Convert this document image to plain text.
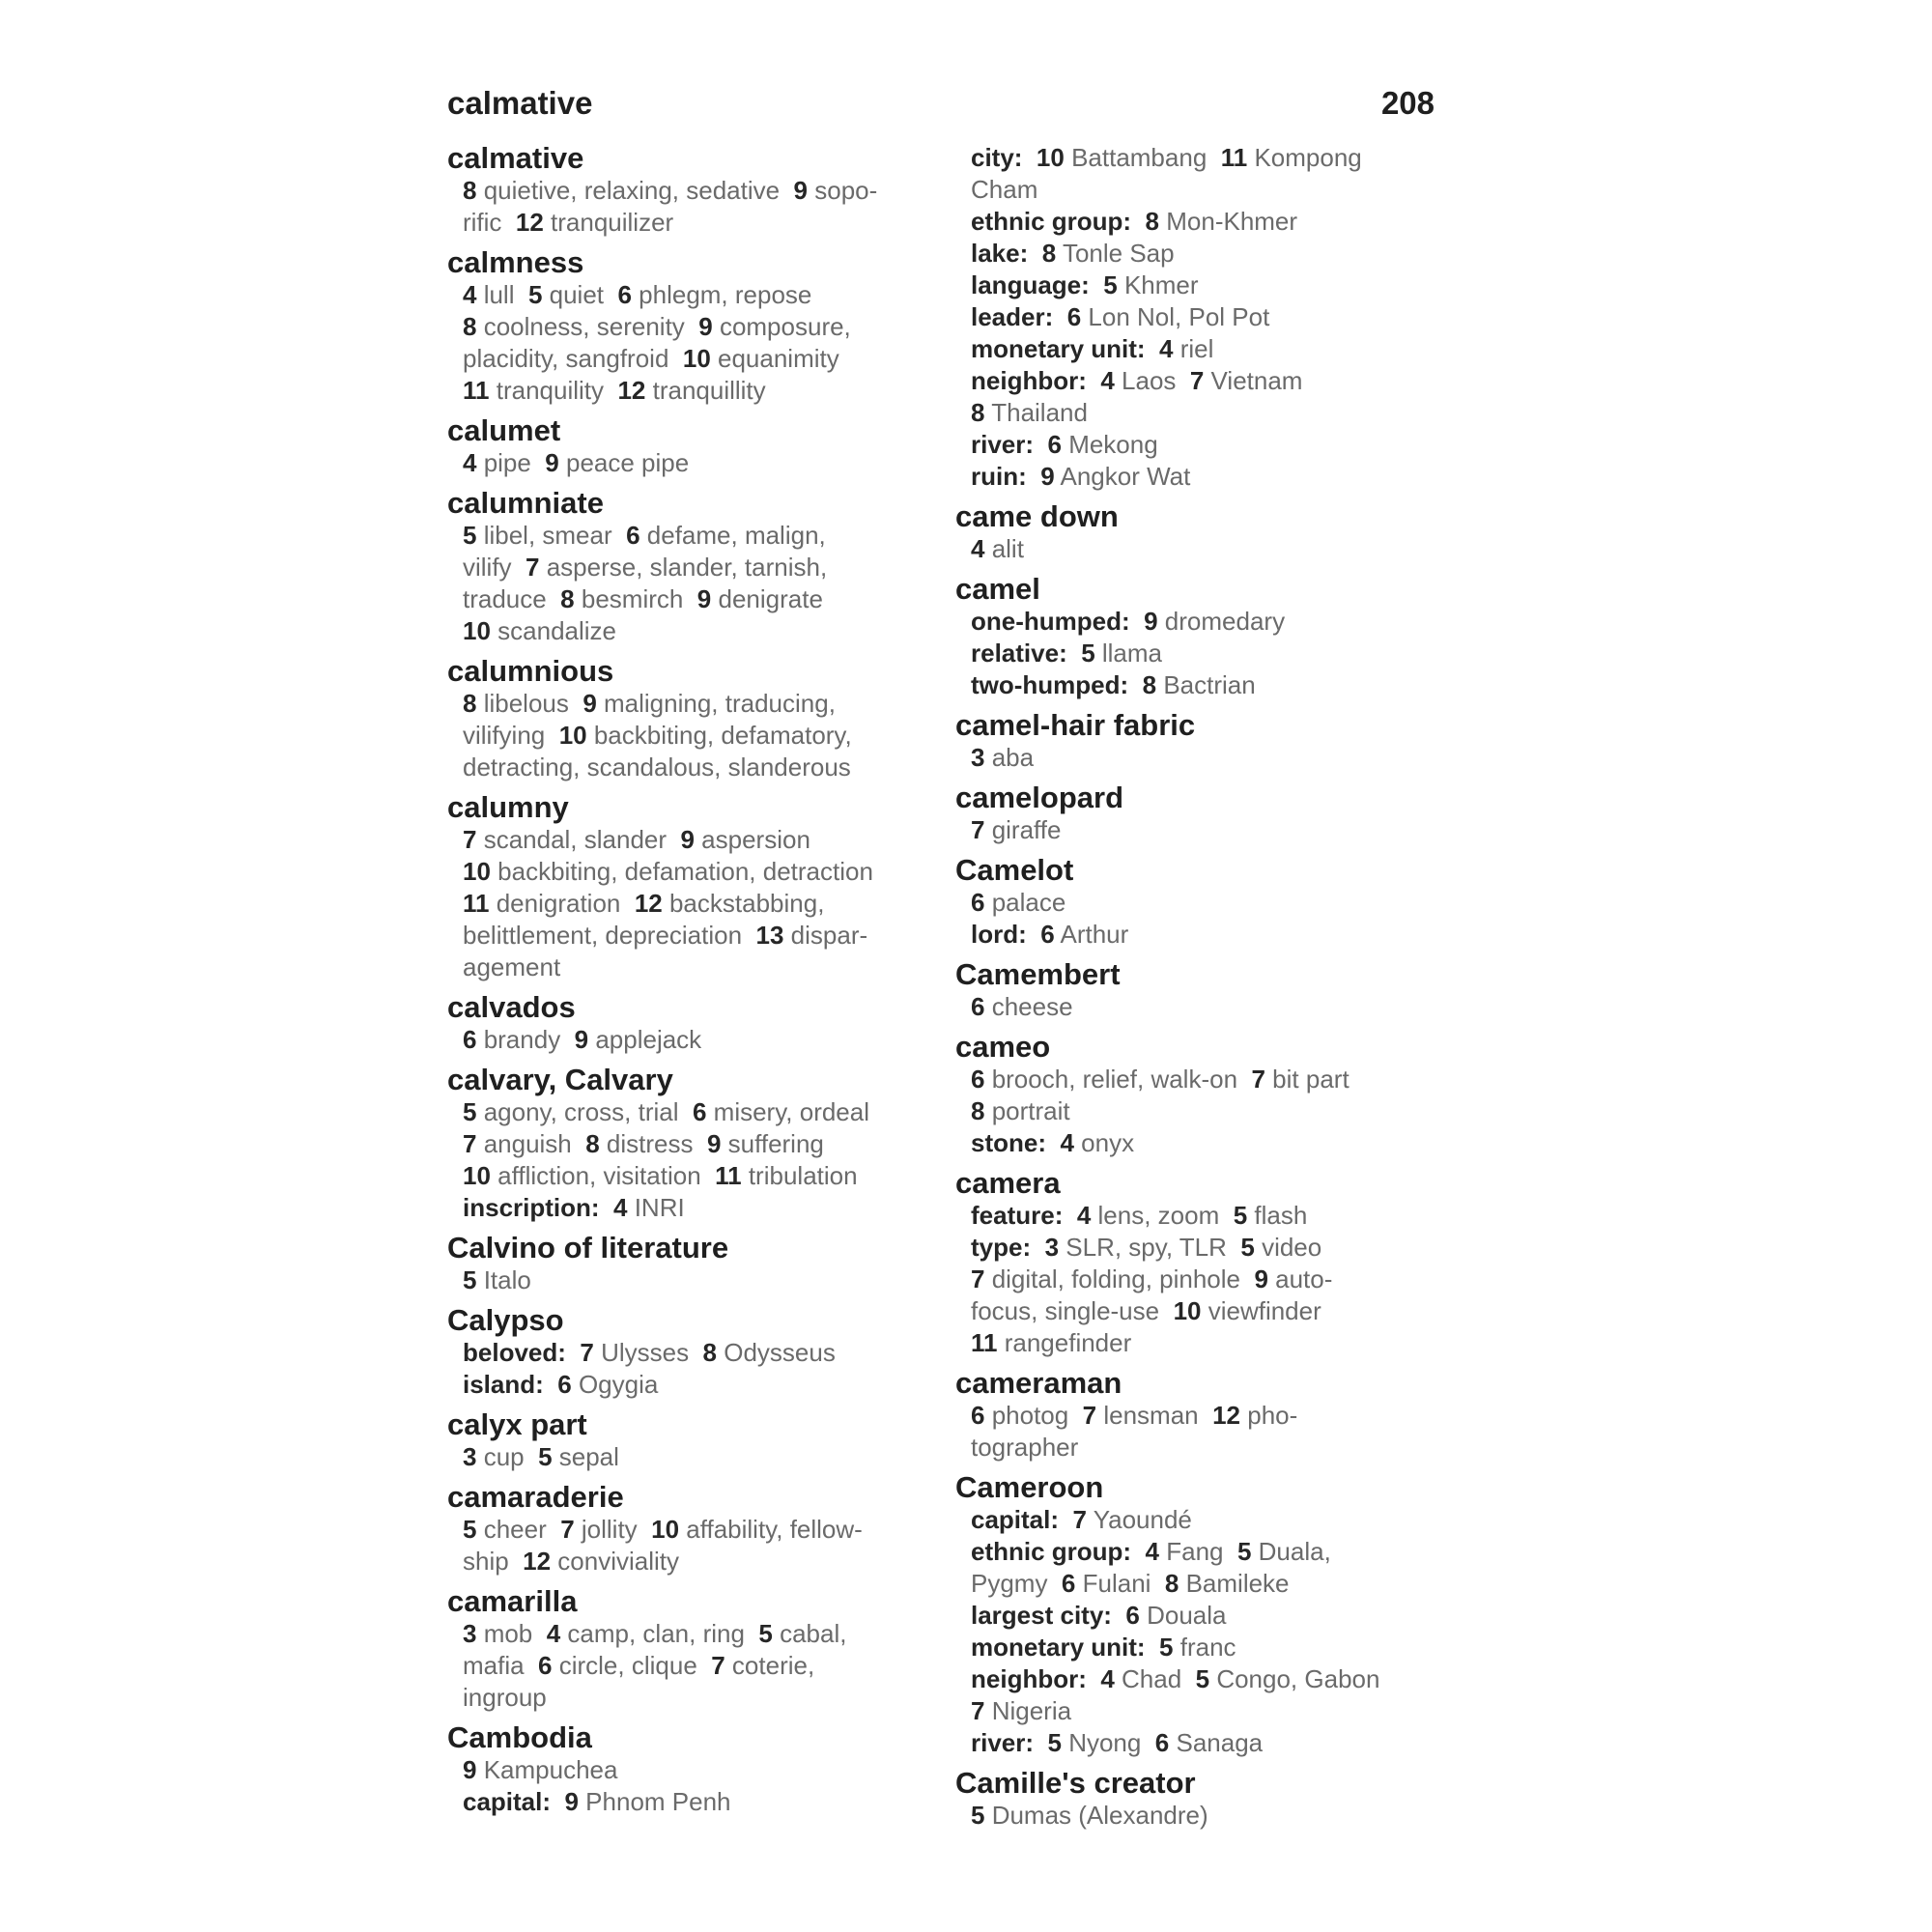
calmative	208
calmative
8 quietive, relaxing, sedative  9 sopo-
rific  12 tranquilizer
calmness
4 lull  5 quiet  6 phlegm, repose
8 coolness, serenity  9 composure,
placidity, sangfroid  10 equanimity
11 tranquility  12 tranquillity
calumet
4 pipe  9 peace pipe
calumniate
5 libel, smear  6 defame, malign,
vilify  7 asperse, slander, tarnish,
traduce  8 besmirch  9 denigrate
10 scandalize
calumnious
8 libelous  9 maligning, traducing,
vilifying  10 backbiting, defamatory,
detracting, scandalous, slanderous
calumny
7 scandal, slander  9 aspersion
10 backbiting, defamation, detraction
11 denigration  12 backstabbing,
belittlement, depreciation  13 dispar-
agement
calvados
6 brandy  9 applejack
calvary, Calvary
5 agony, cross, trial  6 misery, ordeal
7 anguish  8 distress  9 suffering
10 affliction, visitation  11 tribulation
inscription: 4 INRI
Calvino of literature
5 Italo
Calypso
beloved: 7 Ulysses  8 Odysseus
island: 6 Ogygia
calyx part
3 cup  5 sepal
camaraderie
5 cheer  7 jollity  10 affability, fellow-
ship  12 conviviality
camarilla
3 mob  4 camp, clan, ring  5 cabal,
mafia  6 circle, clique  7 coterie,
ingroup
Cambodia
9 Kampuchea
capital: 9 Phnom Penh
city: 10 Battambang  11 Kompong
Cham
ethnic group: 8 Mon-Khmer
lake: 8 Tonle Sap
language: 5 Khmer
leader: 6 Lon Nol, Pol Pot
monetary unit: 4 riel
neighbor: 4 Laos  7 Vietnam
8 Thailand
river: 6 Mekong
ruin: 9 Angkor Wat
came down
4 alit
camel
one-humped: 9 dromedary
relative: 5 llama
two-humped: 8 Bactrian
camel-hair fabric
3 aba
camelopard
7 giraffe
Camelot
6 palace
lord: 6 Arthur
Camembert
6 cheese
cameo
6 brooch, relief, walk-on  7 bit part
8 portrait
stone: 4 onyx
camera
feature: 4 lens, zoom  5 flash
type: 3 SLR, spy, TLR  5 video
7 digital, folding, pinhole  9 auto-
focus, single-use  10 viewfinder
11 rangefinder
cameraman
6 photog  7 lensman  12 pho-
tographer
Cameroon
capital: 7 Yaoundé
ethnic group: 4 Fang  5 Duala,
Pygmy  6 Fulani  8 Bamileke
largest city: 6 Douala
monetary unit: 5 franc
neighbor: 4 Chad  5 Congo, Gabon
7 Nigeria
river: 5 Nyong  6 Sanaga
Camille's creator
5 Dumas (Alexandre)
